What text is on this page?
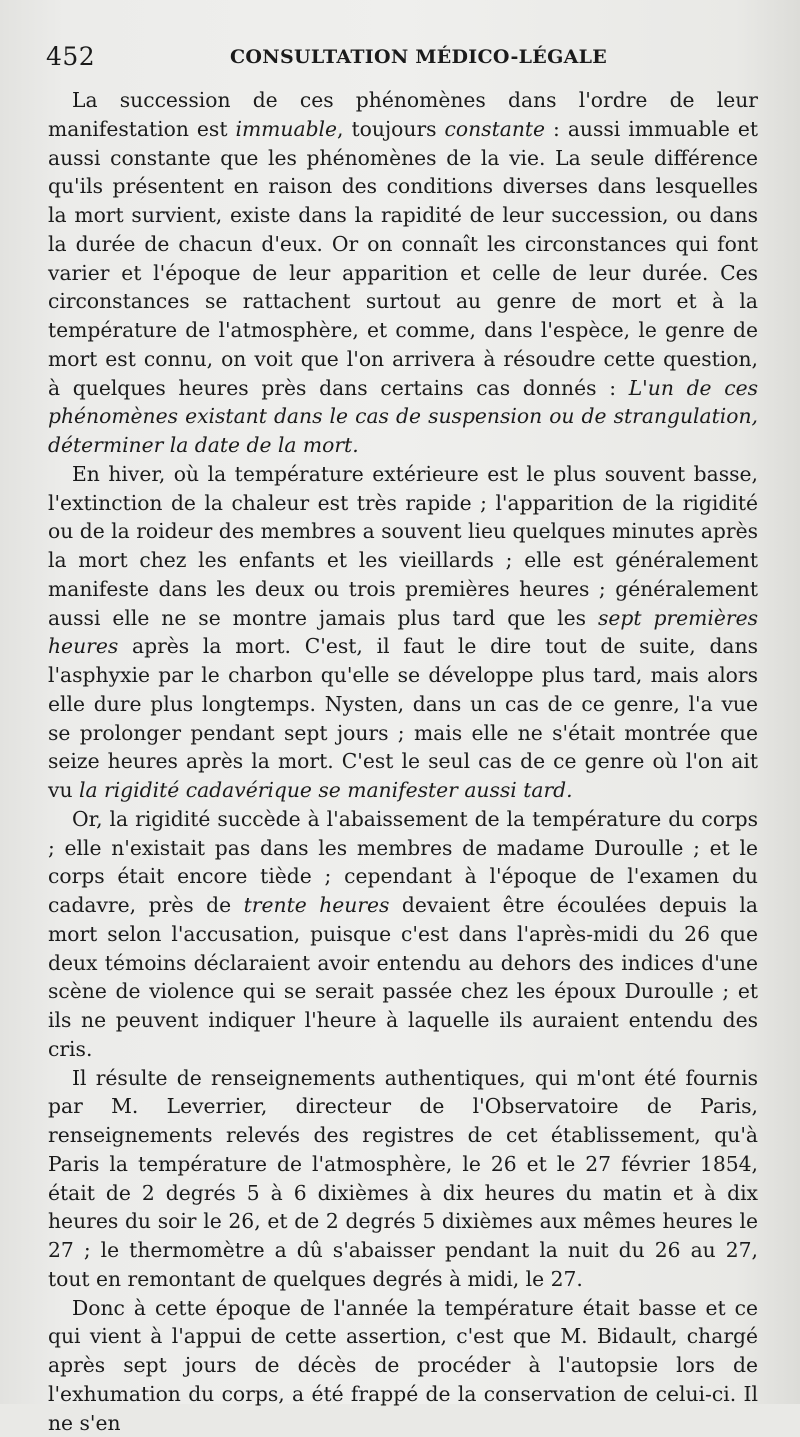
452	CONSULTATION MÉDICO-LÉGALE

La succession de ces phénomènes dans l'ordre de leur manifestation est immuable, toujours constante : aussi immuable et aussi constante que les phénomènes de la vie. La seule différence qu'ils présentent en raison des conditions diverses dans lesquelles la mort survient, existe dans la rapidité de leur succession, ou dans la durée de chacun d'eux. Or on connaît les circonstances qui font varier et l'époque de leur apparition et celle de leur durée. Ces circonstances se rattachent surtout au genre de mort et à la température de l'atmosphère, et comme, dans l'espèce, le genre de mort est connu, on voit que l'on arrivera à résoudre cette question, à quelques heures près dans certains cas donnés : L'un de ces phénomènes existant dans le cas de suspension ou de strangulation, déterminer la date de la mort.

En hiver, où la température extérieure est le plus souvent basse, l'extinction de la chaleur est très rapide ; l'apparition de la rigidité ou de la roideur des membres a souvent lieu quelques minutes après la mort chez les enfants et les vieillards ; elle est généralement manifeste dans les deux ou trois premières heures ; généralement aussi elle ne se montre jamais plus tard que les sept premières heures après la mort. C'est, il faut le dire tout de suite, dans l'asphyxie par le charbon qu'elle se développe plus tard, mais alors elle dure plus longtemps. Nysten, dans un cas de ce genre, l'a vue se prolonger pendant sept jours ; mais elle ne s'était montrée que seize heures après la mort. C'est le seul cas de ce genre où l'on ait vu la rigidité cadavérique se manifester aussi tard.

Or, la rigidité succède à l'abaissement de la température du corps ; elle n'existait pas dans les membres de madame Duroulle ; et le corps était encore tiède ; cependant à l'époque de l'examen du cadavre, près de trente heures devaient être écoulées depuis la mort selon l'accusation, puisque c'est dans l'après-midi du 26 que deux témoins déclaraient avoir entendu au dehors des indices d'une scène de violence qui se serait passée chez les époux Duroulle ; et ils ne peuvent indiquer l'heure à laquelle ils auraient entendu des cris.

Il résulte de renseignements authentiques, qui m'ont été fournis par M. Leverrier, directeur de l'Observatoire de Paris, renseignements relevés des registres de cet établissement, qu'à Paris la température de l'atmosphère, le 26 et le 27 février 1854, était de 2 degrés 5 à 6 dixièmes à dix heures du matin et à dix heures du soir le 26, et de 2 degrés 5 dixièmes aux mêmes heures le 27 ; le thermomètre a dû s'abaisser pendant la nuit du 26 au 27, tout en remontant de quelques degrés à midi, le 27.

Donc à cette époque de l'année la température était basse et ce qui vient à l'appui de cette assertion, c'est que M. Bidault, chargé après sept jours de décès de procéder à l'autopsie lors de l'exhumation du corps, a été frappé de la conservation de celui-ci. Il ne s'en
